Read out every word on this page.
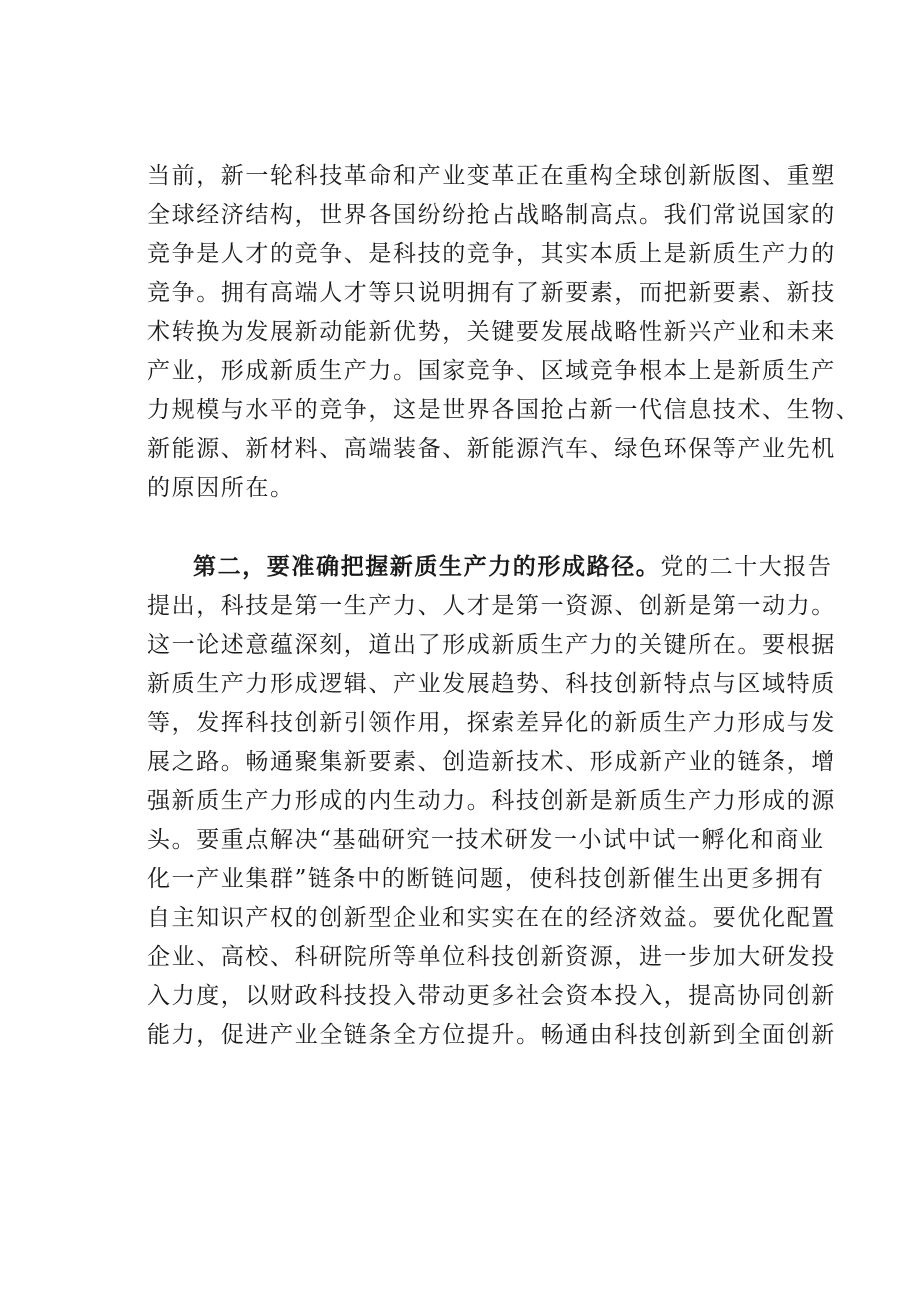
当前，新一轮科技革命和产业变革正在重构全球创新版图、重塑
全球经济结构，世界各国纷纷抢占战略制高点。我们常说国家的
竞争是人才的竞争、是科技的竞争，其实本质上是新质生产力的
竞争。拥有高端人才等只说明拥有了新要素，而把新要素、新技
术转换为发展新动能新优势，关键要发展战略性新兴产业和未来
产业，形成新质生产力。国家竞争、区域竞争根本上是新质生产
力规模与水平的竞争，这是世界各国抢占新一代信息技术、生物、
新能源、新材料、高端装备、新能源汽车、绿色环保等产业先机
的原因所在。
第二，要准确把握新质生产力的形成路径。党的二十大报告
提出，科技是第一生产力、人才是第一资源、创新是第一动力。
这一论述意蕴深刻，道出了形成新质生产力的关键所在。要根据
新质生产力形成逻辑、产业发展趋势、科技创新特点与区域特质
等，发挥科技创新引领作用，探索差异化的新质生产力形成与发
展之路。畅通聚集新要素、创造新技术、形成新产业的链条，增
强新质生产力形成的内生动力。科技创新是新质生产力形成的源
头。要重点解决“基础研究一技术研发一小试中试一孵化和商业
化一产业集群”链条中的断链问题，使科技创新催生出更多拥有
自主知识产权的创新型企业和实实在在的经济效益。要优化配置
企业、高校、科研院所等单位科技创新资源，进一步加大研发投
入力度，以财政科技投入带动更多社会资本投入，提高协同创新
能力，促进产业全链条全方位提升。畅通由科技创新到全面创新
